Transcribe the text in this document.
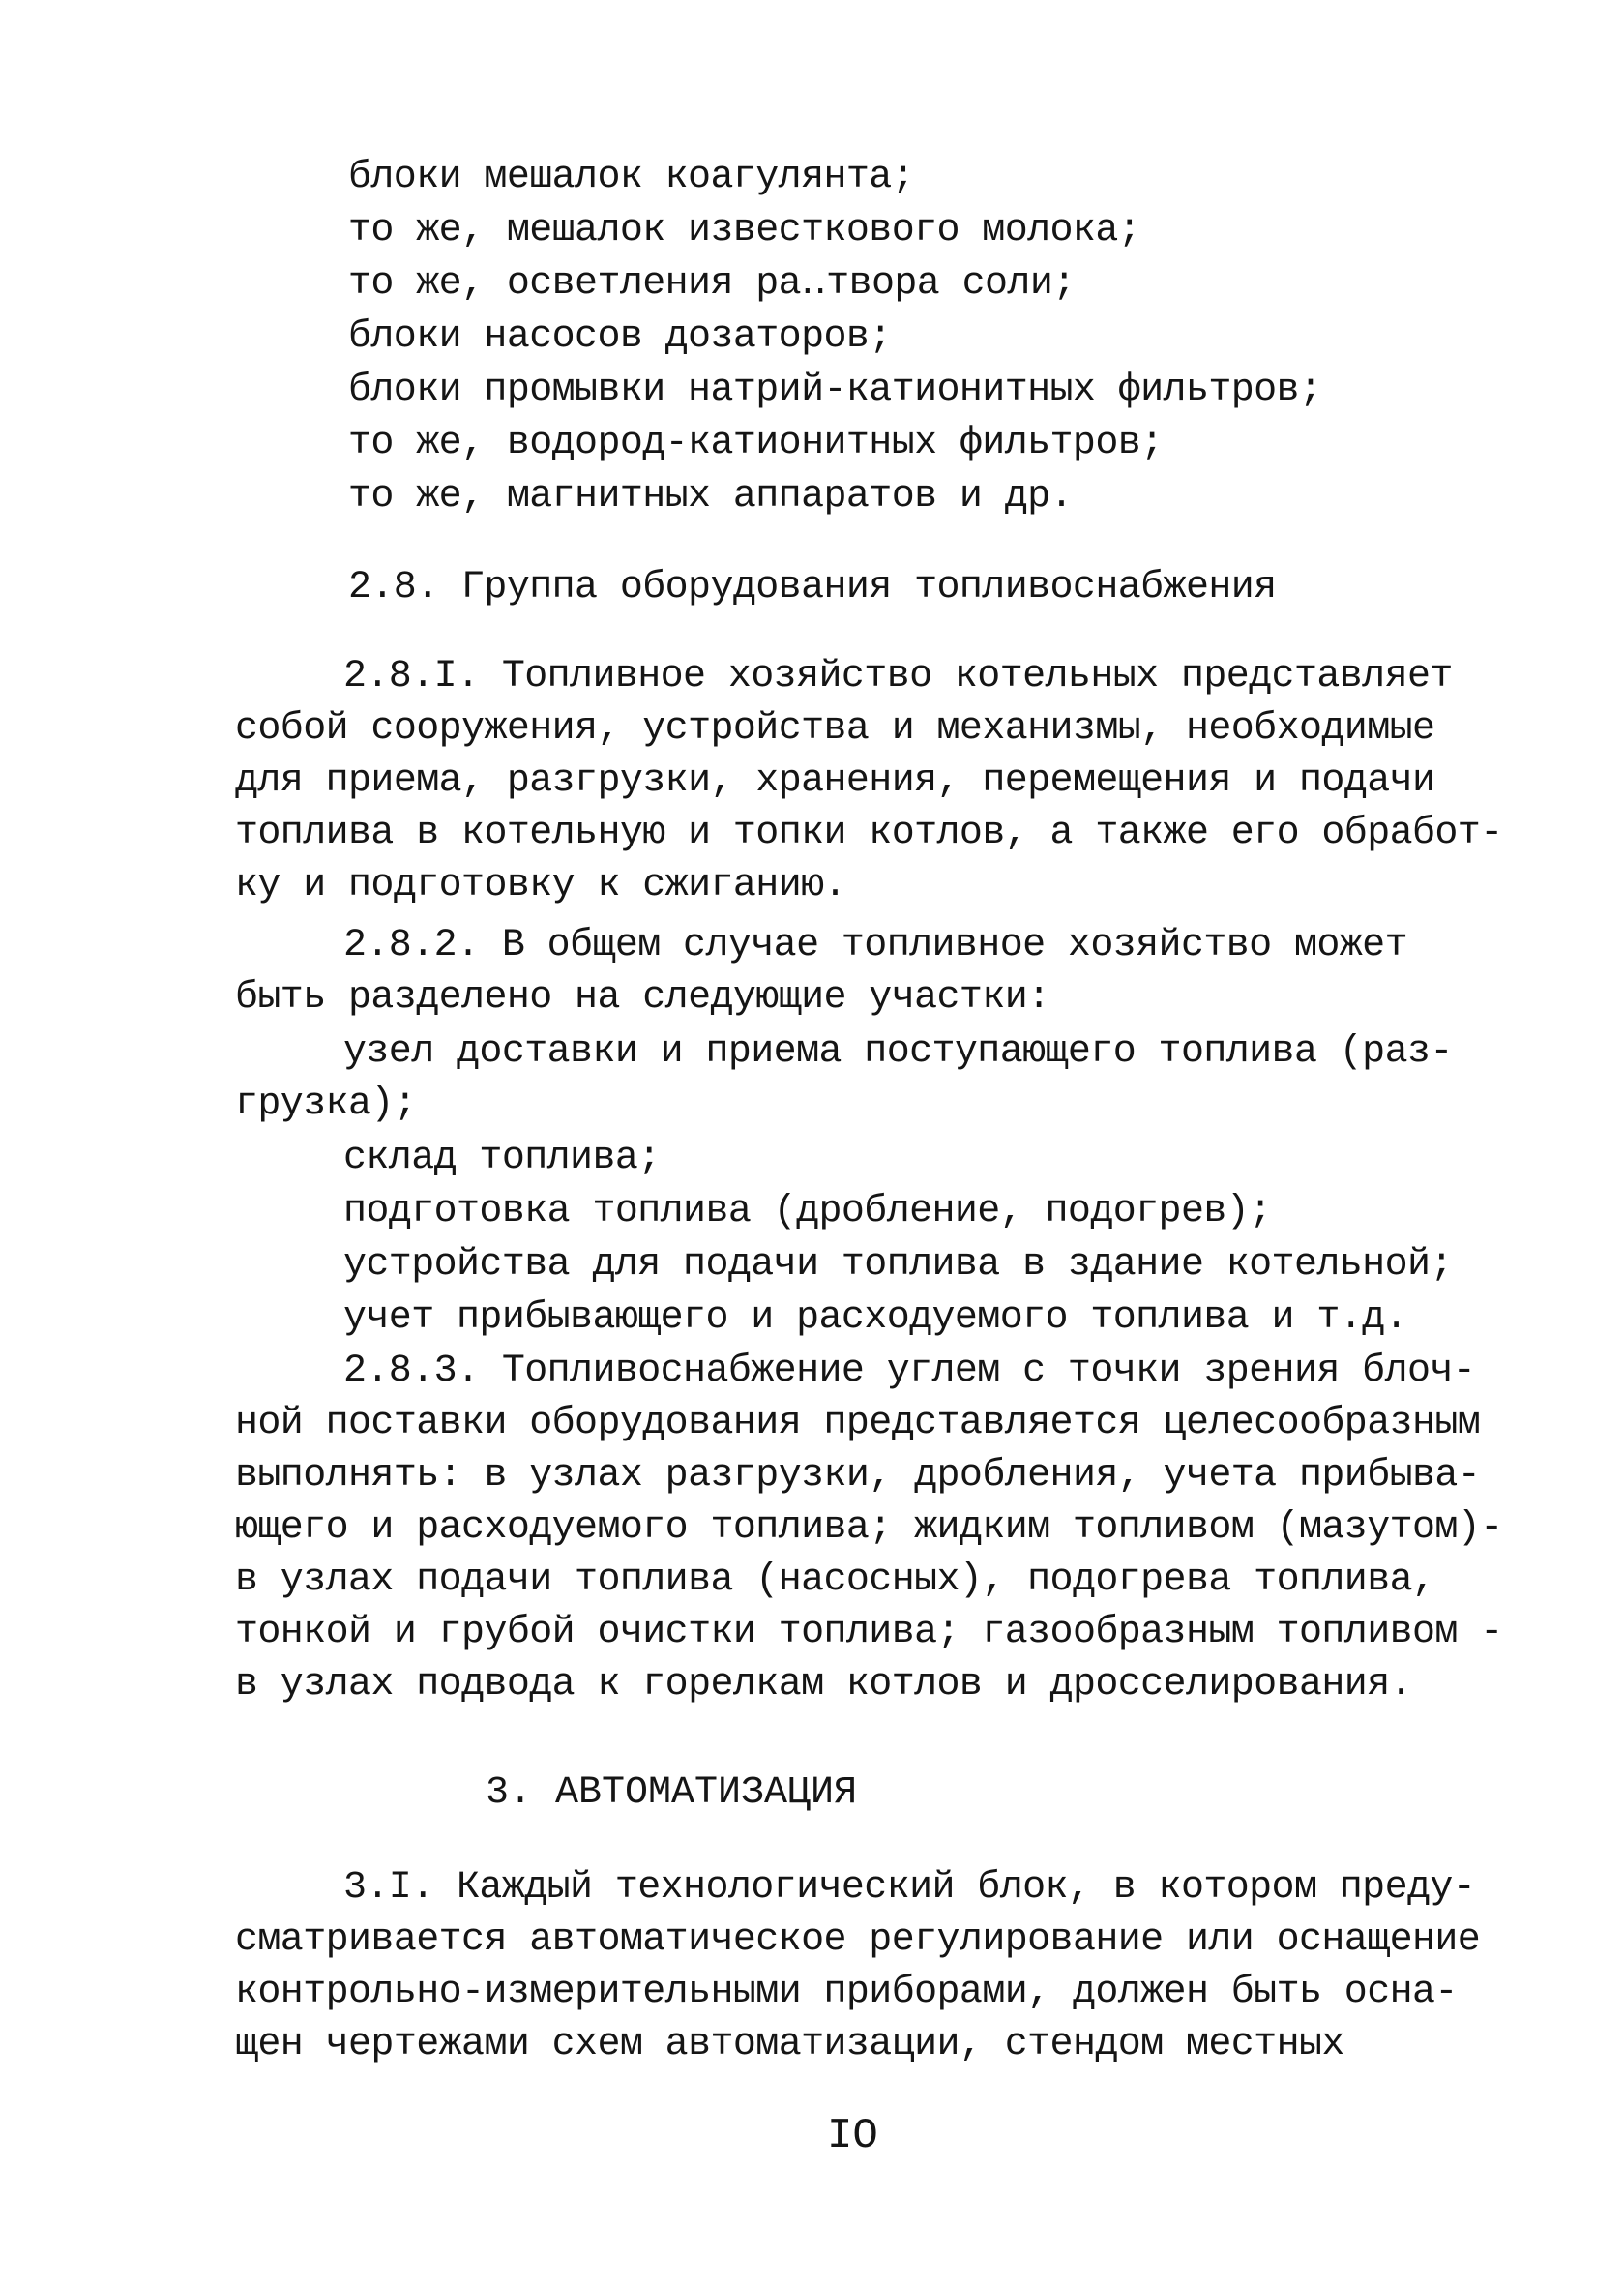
блоки мешалок коагулянта;
то же, мешалок известкового молока;
то же, осветления ра‥твора соли;
блоки насосов дозаторов;
блоки промывки натрий-катионитных фильтров;
то же, водород-катионитных фильтров;
то же, магнитных аппаратов и др.
2.8. Группа оборудования топливоснабжения
2.8.I. Топливное хозяйство котельных представляет
собой сооружения, устройства и механизмы, необходимые
для приема, разгрузки, хранения, перемещения и подачи
топлива в котельную и топки котлов, а также его обработ-
ку и подготовку к сжиганию.
2.8.2. В общем случае топливное хозяйство может
быть разделено на следующие участки:
узел доставки и приема поступающего топлива (раз-
грузка);
склад топлива;
подготовка топлива (дробление, подогрев);
устройства для подачи топлива в здание котельной;
учет прибывающего и расходуемого топлива и т.д.
2.8.3. Топливоснабжение углем с точки зрения блоч-
ной поставки оборудования представляется целесообразным
выполнять: в узлах разгрузки, дробления, учета прибыва-
ющего и расходуемого топлива; жидким топливом (мазутом)-
в узлах подачи топлива (насосных), подогрева топлива,
тонкой и грубой очистки топлива; газообразным топливом -
в узлах подвода к горелкам котлов и дросселирования.
3. АВТОМАТИЗАЦИЯ
3.I. Каждый технологический блок, в котором преду-
сматривается автоматическое регулирование или оснащение
контрольно-измерительными приборами, должен быть осна-
щен чертежами схем автоматизации, стендом местных
IO
